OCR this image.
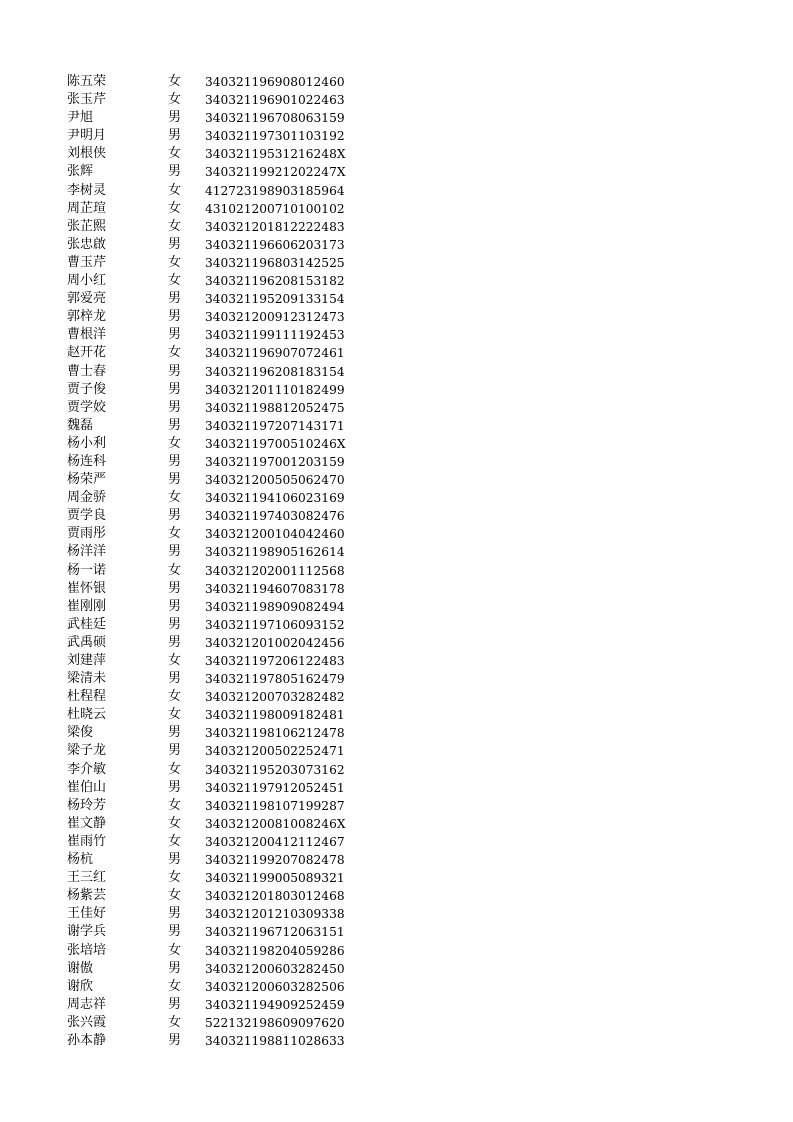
陈五荣	女 340321196908012460
张玉芹	女 340321196901022463
尹旭	男 340321196708063159
尹明月	男 340321197301103192
刘根侠	女 34032119531216248X
张辉	男 34032119921202247X
李树灵	女 412723198903185964
周芷瑄	女 431021200710100102
张芷熙	女 340321201812222483
张忠啟	男 340321196606203173
曹玉芹	女 340321196803142525
周小红	女 340321196208153182
郭爱亮	男 340321195209133154
郭梓龙	男 340321200912312473
曹根洋	男 340321199111192453
赵开花	女 340321196907072461
曹士春	男 340321196208183154
贾子俊	男 340321201110182499
贾学姣	男 340321198812052475
魏磊	男 340321197207143171
杨小利	女 34032119700510246X
杨连科	男 340321197001203159
杨荣严	男 340321200505062470
周金骄	女 340321194106023169
贾学良	男 340321197403082476
贾雨彤	女 340321200104042460
杨洋洋	男 340321198905162614
杨一诺	女 340321202001112568
崔怀银	男 340321194607083178
崔刚刚	男 340321198909082494
武桂廷	男 340321197106093152
武禹硕	男 340321201002042456
刘建萍	女 340321197206122483
梁清未	男 340321197805162479
杜程程	女 340321200703282482
杜晓云	女 340321198009182481
梁俊	男 340321198106212478
梁子龙	男 340321200502252471
李介敏	女 340321195203073162
崔伯山	男 340321197912052451
杨玲芳	女 340321198107199287
崔文静	女 34032120081008246X
崔雨竹	女 340321200412112467
杨杭	男 340321199207082478
王三红	女 340321199005089321
杨紫芸	女 340321201803012468
王佳好	男 340321201210309338
谢学兵	男 340321196712063151
张培培	女 340321198204059286
谢傲	男 340321200603282450
谢欣	女 340321200603282506
周志祥	男 340321194909252459
张兴霞	女 522132198609097620
孙本静	男 340321198811028633
